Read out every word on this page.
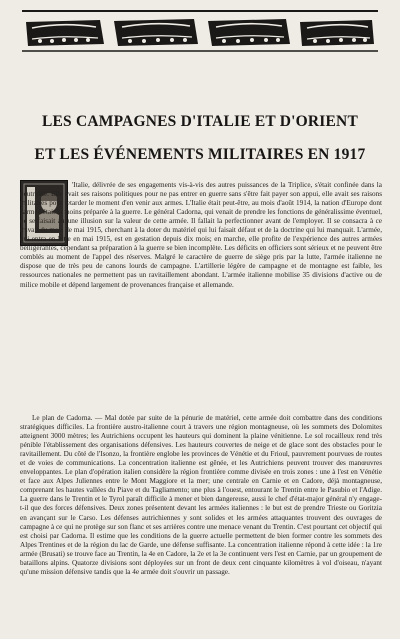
LES CAMPAGNES D'ITALIE ET D'ORIENT
ET LES ÉVÉNEMENTS MILITAIRES EN 1917

'Italie, délivrée de ses engagements vis-à-vis des autres puissances de la Triplice, s'était confinée dans la neutralité. Elle avait ses raisons politiques pour ne pas entrer en guerre sans s'être fait payer son appui, elle avait ses raisons militaires pour retarder le moment d'en venir aux armes. L'Italie était peut-être, au mois d'août 1914, la nation d'Europe dont l'armée était la moins préparée à la guerre. Le général Cadorna, qui venait de prendre les fonctions de généralissime éventuel, ne se faisait aucune illusion sur la valeur de cette armée. Il fallait la perfectionner avant de l'employer. Il se consacra à ce travail du mois de mai 1915, cherchant à la doter du matériel qui lui faisait défaut et de la doctrine qui lui manquait. L'armée, qui entra en lutte en mai 1915, est en gestation depuis dix mois; en marche, elle profite de l'expérience des autres armées belligérantes, cependant sa préparation à la guerre se bien incomplète. Les déficits en officiers sont sérieux et ne peuvent être comblés au moment de l'appel des réserves. Malgré le caractère de guerre de siège pris par la lutte, l'armée italienne ne dispose que de très peu de canons lourds de campagne. L'artillerie légère de campagne et de montagne est faible, les ressources nationales ne permettent pas un ravitaillement abondant. L'armée italienne mobilise 35 divisions d'active ou de milice mobile et dépend largement de provenances française et allemande.

Le plan de Cadorna. — Mal dotée par suite de la pénurie de matériel, cette armée doit combattre dans des conditions stratégiques difficiles. La frontière austro-italienne court à travers une région montagneuse, où les sommets des Dolomites atteignent 3000 mètres; les Autrichiens occupent les hauteurs qui dominent la plaine vénitienne. Le sol rocailleux rend très pénible l'établissement des organisations défensives. Les hauteurs couvertes de neige et de glace sont des obstacles pour le ravitaillement. Du côté de l'Isonzo, la frontière englobe les provinces de Vénétie et du Frioul, pauvrement pourvues de routes et de voies de communications. La concentration italienne est gênée, et les Autrichiens peuvent trouver des manœuvres enveloppantes. Le plan d'opération italien considère la région frontière comme divisée en trois zones : une à l'est en Vénétie et face aux Alpes Juliennes entre le Mont Maggiore et la mer; une centrale en Carnie et en Cadore, déjà montagneuse, comprenant les hautes vallées du Piave et du Tagliamento; une plus à l'ouest, entourant le Trentin entre le Pasubio et l'Adige. La guerre dans le Trentin et le Tyrol paraît difficile à mener et bien dangereuse, aussi le chef d'état-major général n'y engage-t-il que des forces défensives. Deux zones présentent devant les armées italiennes : le but est de prendre Trieste ou Goritzia en avançant sur le Carso. Les défenses autrichiennes y sont solides et les armées attaquantes trouvent des ouvrages de campagne à ce qui ne protège sur son flanc et ses arrières contre une menace venant du Trentin. C'est pourtant cet objectif qui est choisi par Cadorna. Il estime que les conditions de la guerre actuelle permettent de bien former contre les sommets des Alpes Trentines et de la région du lac de Garde, une défense suffisante. La concentration italienne répond à cette idée : la 1re armée (Brusati) se trouve face au Trentin, la 4e en Cadore, la 2e et la 3e continuent vers l'est en Carnie, par un groupement de bataillons alpins. Quatorze divisions sont déployées sur un front de deux cent cinquante kilomètres à vol d'oiseau, n'ayant qu'une mission défensive tandis que la 4e armée doit s'ouvrir un passage.
